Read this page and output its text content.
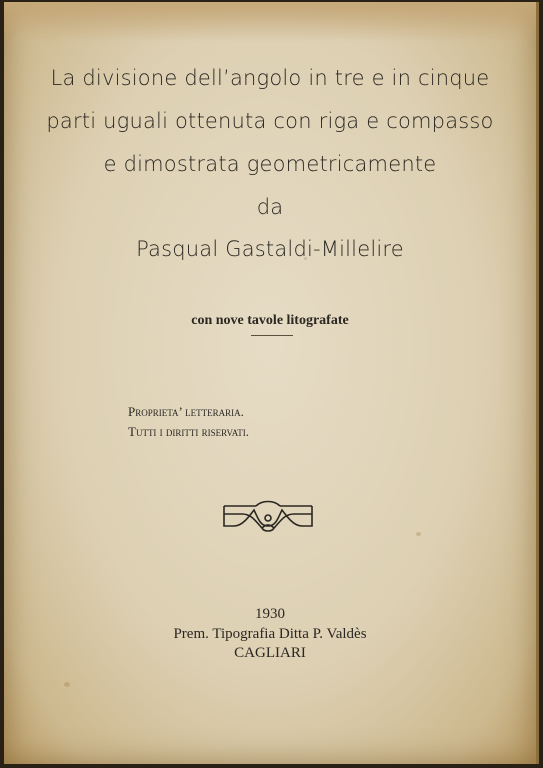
La divisione dell’angolo in tre e in cinque
parti uguali ottenuta con riga e compasso
e dimostrata geometricamente
da
Pasqual Gastaldi-Millelire
con nove tavole litografate
Proprieta’ letteraria.
Tutti i diritti riservati.
1930
Prem. Tipografia Ditta P. Valdès
CAGLIARI
